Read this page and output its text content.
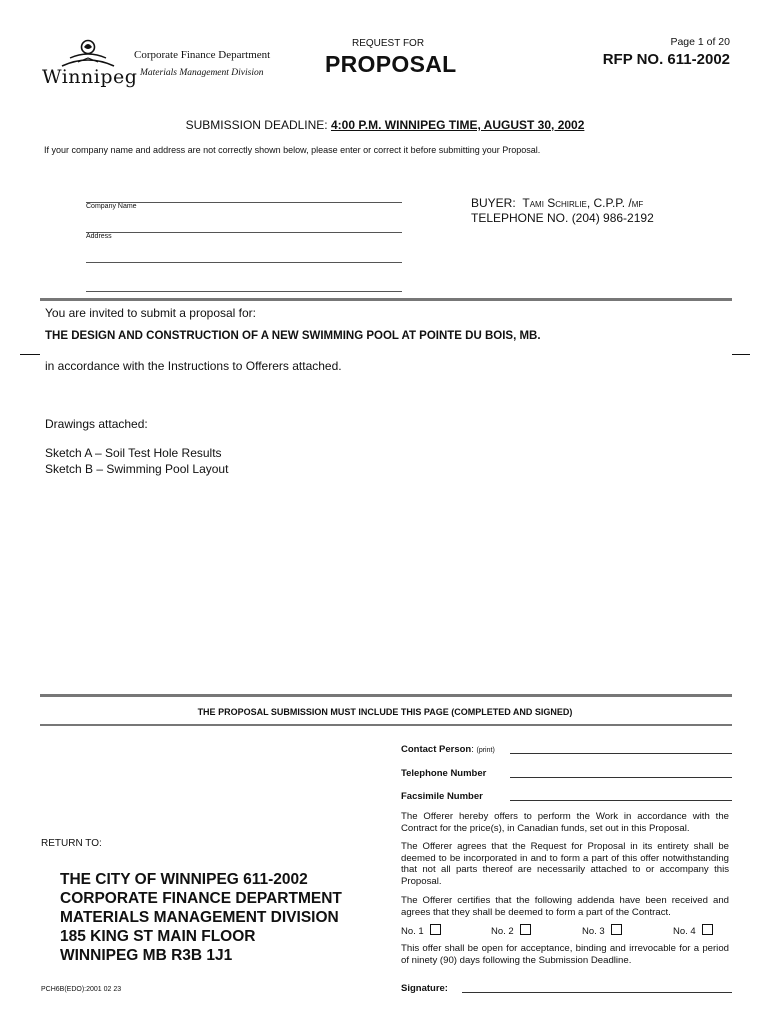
Winnipeg
Corporate Finance Department
Materials Management Division
REQUEST FOR
PROPOSAL
Page 1 of 20
RFP NO. 611-2002
SUBMISSION DEADLINE: 4:00 P.M. WINNIPEG TIME, AUGUST 30, 2002
If your company name and address are not correctly shown below, please enter or correct it before submitting your Proposal.
Company Name
Address
BUYER: Tami Schirlie, C.P.P. /mf
TELEPHONE NO. (204) 986-2192
You are invited to submit a proposal for:
THE DESIGN AND CONSTRUCTION OF A NEW SWIMMING POOL AT POINTE DU BOIS, MB.
in accordance with the Instructions to Offerers attached.
Drawings attached:
Sketch A – Soil Test Hole Results
Sketch B – Swimming Pool Layout
THE PROPOSAL SUBMISSION MUST INCLUDE THIS PAGE (COMPLETED AND SIGNED)
Contact Person: (print)
Telephone Number
Facsimile Number
The Offerer hereby offers to perform the Work in accordance with the Contract for the price(s), in Canadian funds, set out in this Proposal.
The Offerer agrees that the Request for Proposal in its entirety shall be deemed to be incorporated in and to form a part of this offer notwithstanding that not all parts thereof are necessarily attached to or accompany this Proposal.
The Offerer certifies that the following addenda have been received and agrees that they shall be deemed to form a part of the Contract.
No. 1	No. 2	No. 3	No. 4
This offer shall be open for acceptance, binding and irrevocable for a period of ninety (90) days following the Submission Deadline.
Signature:
RETURN TO:
THE CITY OF WINNIPEG 611-2002
CORPORATE FINANCE DEPARTMENT
MATERIALS MANAGEMENT DIVISION
185 KING ST MAIN FLOOR
WINNIPEG MB R3B 1J1
PCH6B(EDO):2001 02 23
